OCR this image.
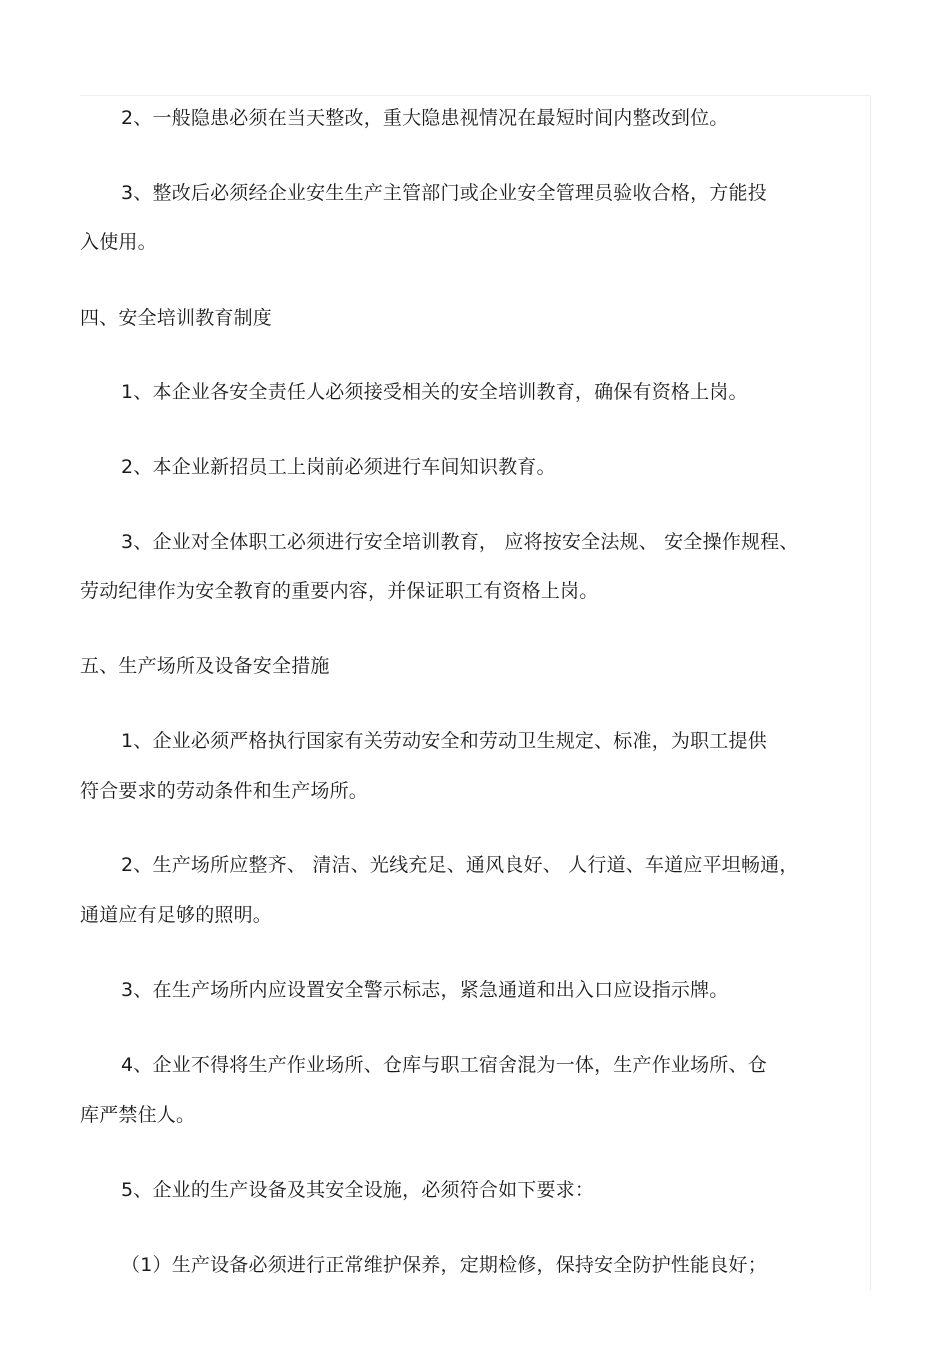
2、一般隐患必须在当天整改，重大隐患视情况在最短时间内整改到位。
3、整改后必须经企业安生生产主管部门或企业安全管理员验收合格，方能投
入使用。
四、安全培训教育制度
1、本企业各安全责任人必须接受相关的安全培训教育，确保有资格上岗。
2、本企业新招员工上岗前必须进行车间知识教育。
3、企业对全体职工必须进行安全培训教育， 应将按安全法规、 安全操作规程、
劳动纪律作为安全教育的重要内容，并保证职工有资格上岗。
五、生产场所及设备安全措施
1、企业必须严格执行国家有关劳动安全和劳动卫生规定、标准，为职工提供
符合要求的劳动条件和生产场所。
2、生产场所应整齐、 清洁、光线充足、通风良好、 人行道、车道应平坦畅通，
通道应有足够的照明。
3、在生产场所内应设置安全警示标志，紧急通道和出入口应设指示牌。
4、企业不得将生产作业场所、仓库与职工宿舍混为一体，生产作业场所、仓
库严禁住人。
5、企业的生产设备及其安全设施，必须符合如下要求：
（1）生产设备必须进行正常维护保养，定期检修，保持安全防护性能良好；
